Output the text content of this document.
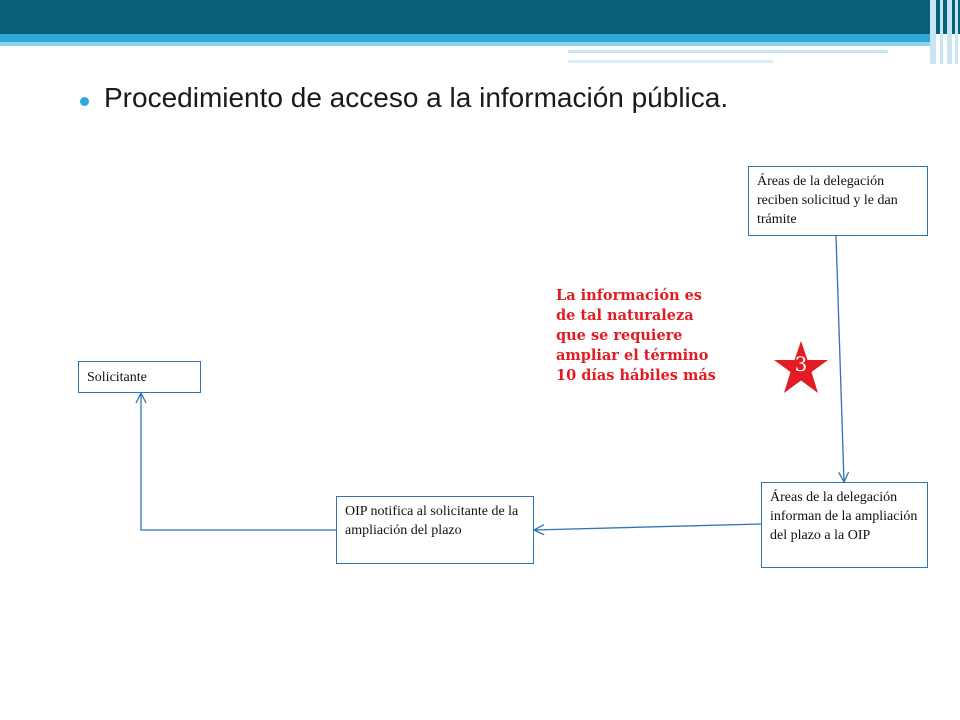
Procedimiento de acceso a la información pública.
Solicitante
Áreas de la delegación reciben solicitud y le dan trámite
Áreas de la delegación informan de la ampliación del plazo a la OIP
OIP notifica al solicitante de la ampliación del plazo
La información es
de tal naturaleza
que se requiere
ampliar el término
10 días hábiles más	3
